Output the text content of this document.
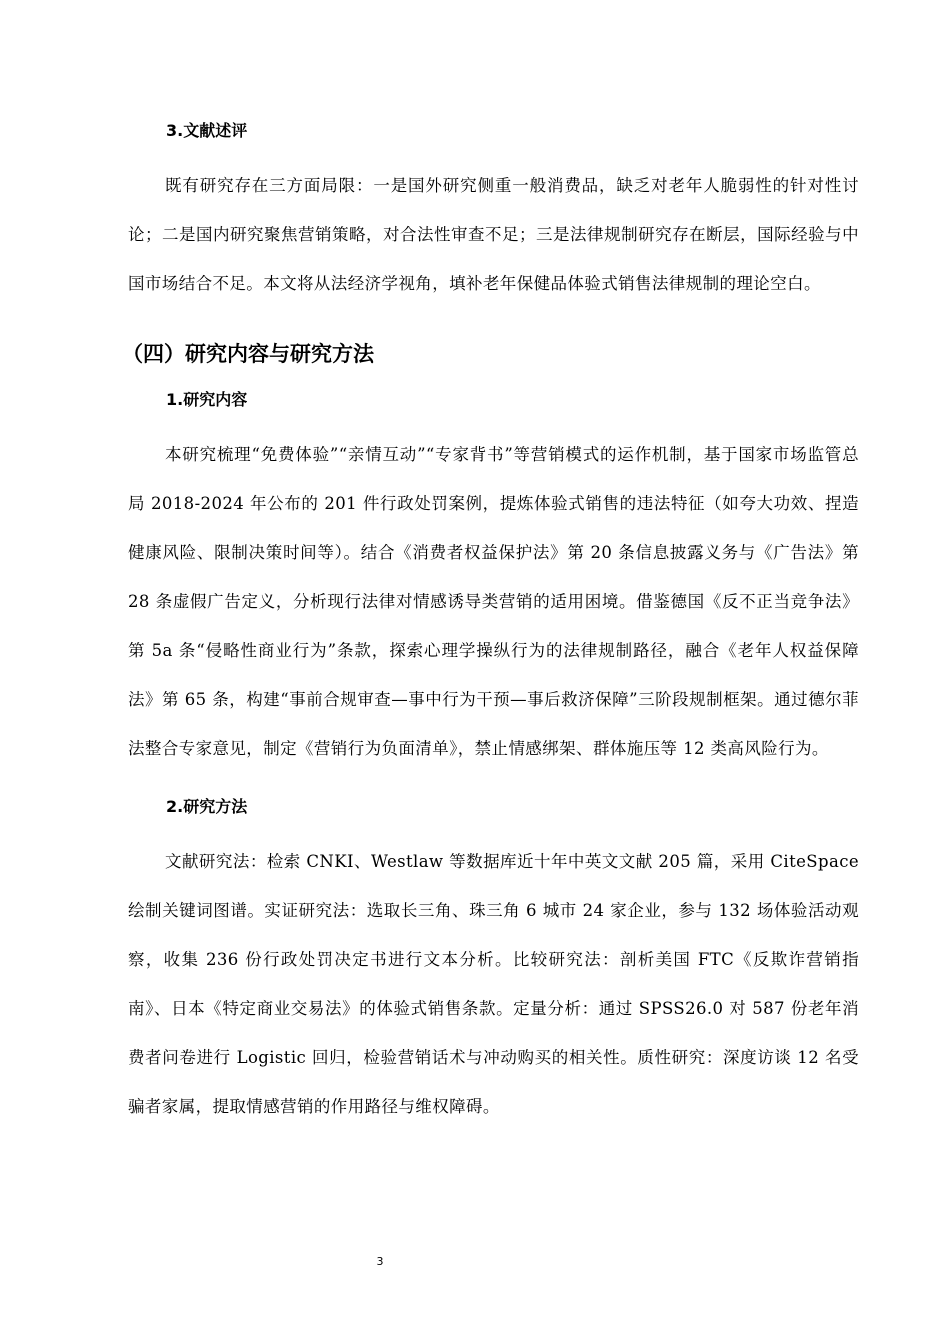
3.文献述评

既有研究存在三方面局限：一是国外研究侧重一般消费品，缺乏对老年人脆弱性的针对性讨论；二是国内研究聚焦营销策略，对合法性审查不足；三是法律规制研究存在断层，国际经验与中国市场结合不足。本文将从法经济学视角，填补老年保健品体验式销售法律规制的理论空白。

（四）研究内容与研究方法
1.研究内容

本研究梳理“免费体验”“亲情互动”“专家背书”等营销模式的运作机制，基于国家市场监管总局 2018-2024 年公布的 201 件行政处罚案例，提炼体验式销售的违法特征（如夸大功效、捏造健康风险、限制决策时间等）。结合《消费者权益保护法》第 20 条信息披露义务与《广告法》第 28 条虚假广告定义，分析现行法律对情感诱导类营销的适用困境。借鉴德国《反不正当竞争法》第 5a 条“侵略性商业行为”条款，探索心理学操纵行为的法律规制路径，融合《老年人权益保障法》第 65 条，构建“事前合规审查—事中行为干预—事后救济保障”三阶段规制框架。通过德尔菲法整合专家意见，制定《营销行为负面清单》，禁止情感绑架、群体施压等 12 类高风险行为。

2.研究方法

文献研究法：检索 CNKI、Westlaw 等数据库近十年中英文文献 205 篇，采用 CiteSpace 绘制关键词图谱。实证研究法：选取长三角、珠三角 6 城市 24 家企业，参与 132 场体验活动观察，收集 236 份行政处罚决定书进行文本分析。比较研究法：剖析美国 FTC《反欺诈营销指南》、日本《特定商业交易法》的体验式销售条款。定量分析：通过 SPSS26.0 对 587 份老年消费者问卷进行 Logistic 回归，检验营销话术与冲动购买的相关性。质性研究：深度访谈 12 名受骗者家属，提取情感营销的作用路径与维权障碍。

3
